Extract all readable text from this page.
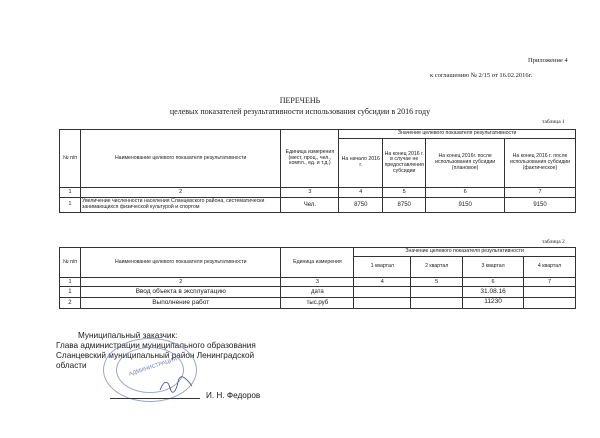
Приложение 4
к соглашению № 2/15 от 16.02.2016г.
ПЕРЕЧЕНЬ
целевых показателей результативности использования субсидии в 2016 году
таблица 1
№ п/п	Наименование целевого показателя результативности	Единица измерения (мест, проц., чел., компл., ед. и т.д.)	Значение целевого показателя результативности			
			На начало 2016 г.	На конец 2016 г. в случае не предоставления субсидии	На конец 2016г. после использования субсидии (плановое)	На конец 2016 г. после использования субсидии (фактическое)
1	2	3	4	5	6	7
1	Увеличение численности населения Сланцевского района, систематически занимающихся физической культурой и спортом	Чел.	8750	8750	9150	9150
таблица 2
№ п/п	Наименование целевого показателя результативности	Единица измерения	Значение целевого показателя результативности			
			1 квартал	2 квартал	3 квартал	4 квартал
1	2	3	4	5	6	7
1	Ввод объекта в эксплуатацию	дата			31.08.16	
2	Выполнение работ	тыс.руб			11230	
Муниципальный заказчик:
Глава администрации муниципального образования
Сланцевский муниципальный район Ленинградской
области	АДМИНИСТРАЦИЯ
И. Н. Федоров
